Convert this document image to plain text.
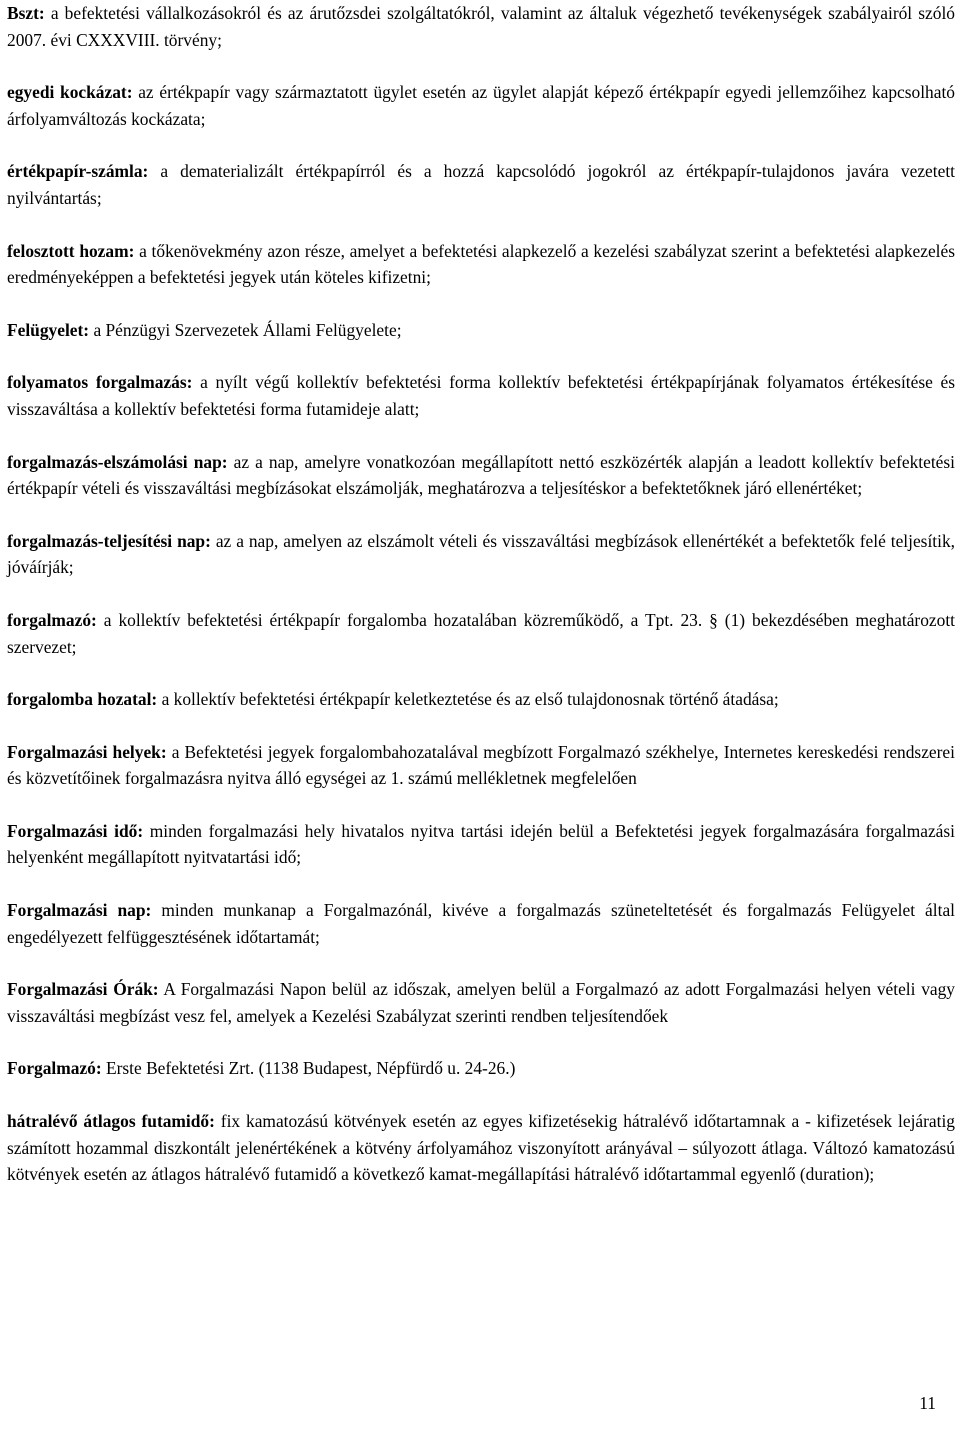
Bszt: a befektetési vállalkozásokról és az árutőzsdei szolgáltatókról, valamint az általuk végezhető tevékenységek szabályairól szóló 2007. évi CXXXVIII. törvény;

egyedi kockázat: az értékpapír vagy származtatott ügylet esetén az ügylet alapját képező értékpapír egyedi jellemzőihez kapcsolható árfolyamváltozás kockázata;

értékpapír-számla: a dematerializált értékpapírról és a hozzá kapcsolódó jogokról az értékpapír-tulajdonos javára vezetett nyilvántartás;

felosztott hozam: a tőkenövekmény azon része, amelyet a befektetési alapkezelő a kezelési szabályzat szerint a befektetési alapkezelés eredményeképpen a befektetési jegyek után köteles kifizetni;

Felügyelet: a Pénzügyi Szervezetek Állami Felügyelete;

folyamatos forgalmazás: a nyílt végű kollektív befektetési forma kollektív befektetési értékpapírjának folyamatos értékesítése és visszaváltása a kollektív befektetési forma futamideje alatt;

forgalmazás-elszámolási nap: az a nap, amelyre vonatkozóan megállapított nettó eszközérték alapján a leadott kollektív befektetési értékpapír vételi és visszaváltási megbízásokat elszámolják, meghatározva a teljesítéskor a befektetőknek járó ellenértéket;

forgalmazás-teljesítési nap: az a nap, amelyen az elszámolt vételi és visszaváltási megbízások ellenértékét a befektetők felé teljesítik, jóváírják;

forgalmazó: a kollektív befektetési értékpapír forgalomba hozatalában közreműködő, a Tpt. 23. § (1) bekezdésében meghatározott szervezet;

forgalomba hozatal: a kollektív befektetési értékpapír keletkeztetése és az első tulajdonosnak történő átadása;

Forgalmazási helyek: a Befektetési jegyek forgalombahozatalával megbízott Forgalmazó székhelye, Internetes kereskedési rendszerei és közvetítőinek forgalmazásra nyitva álló egységei az 1. számú mellékletnek megfelelően

Forgalmazási idő: minden forgalmazási hely hivatalos nyitva tartási idején belül a Befektetési jegyek forgalmazására forgalmazási helyenként megállapított nyitvatartási idő;

Forgalmazási nap: minden munkanap a Forgalmazónál, kivéve a forgalmazás szüneteltetését és forgalmazás Felügyelet által engedélyezett felfüggesztésének időtartamát;

Forgalmazási Órák: A Forgalmazási Napon belül az időszak, amelyen belül a Forgalmazó az adott Forgalmazási helyen vételi vagy visszaváltási megbízást vesz fel, amelyek a Kezelési Szabályzat szerinti rendben teljesítendőek

Forgalmazó: Erste Befektetési Zrt. (1138 Budapest, Népfürdő u. 24-26.)

hátralévő átlagos futamidő: fix kamatozású kötvények esetén az egyes kifizetésekig hátralévő időtartamnak a - kifizetések lejáratig számított hozammal diszkontált jelenértékének a kötvény árfolyamához viszonyított arányával – súlyozott átlaga. Változó kamatozású kötvények esetén az átlagos hátralévő futamidő a következő kamat-megállapítási hátralévő időtartammal egyenlő (duration);

11
